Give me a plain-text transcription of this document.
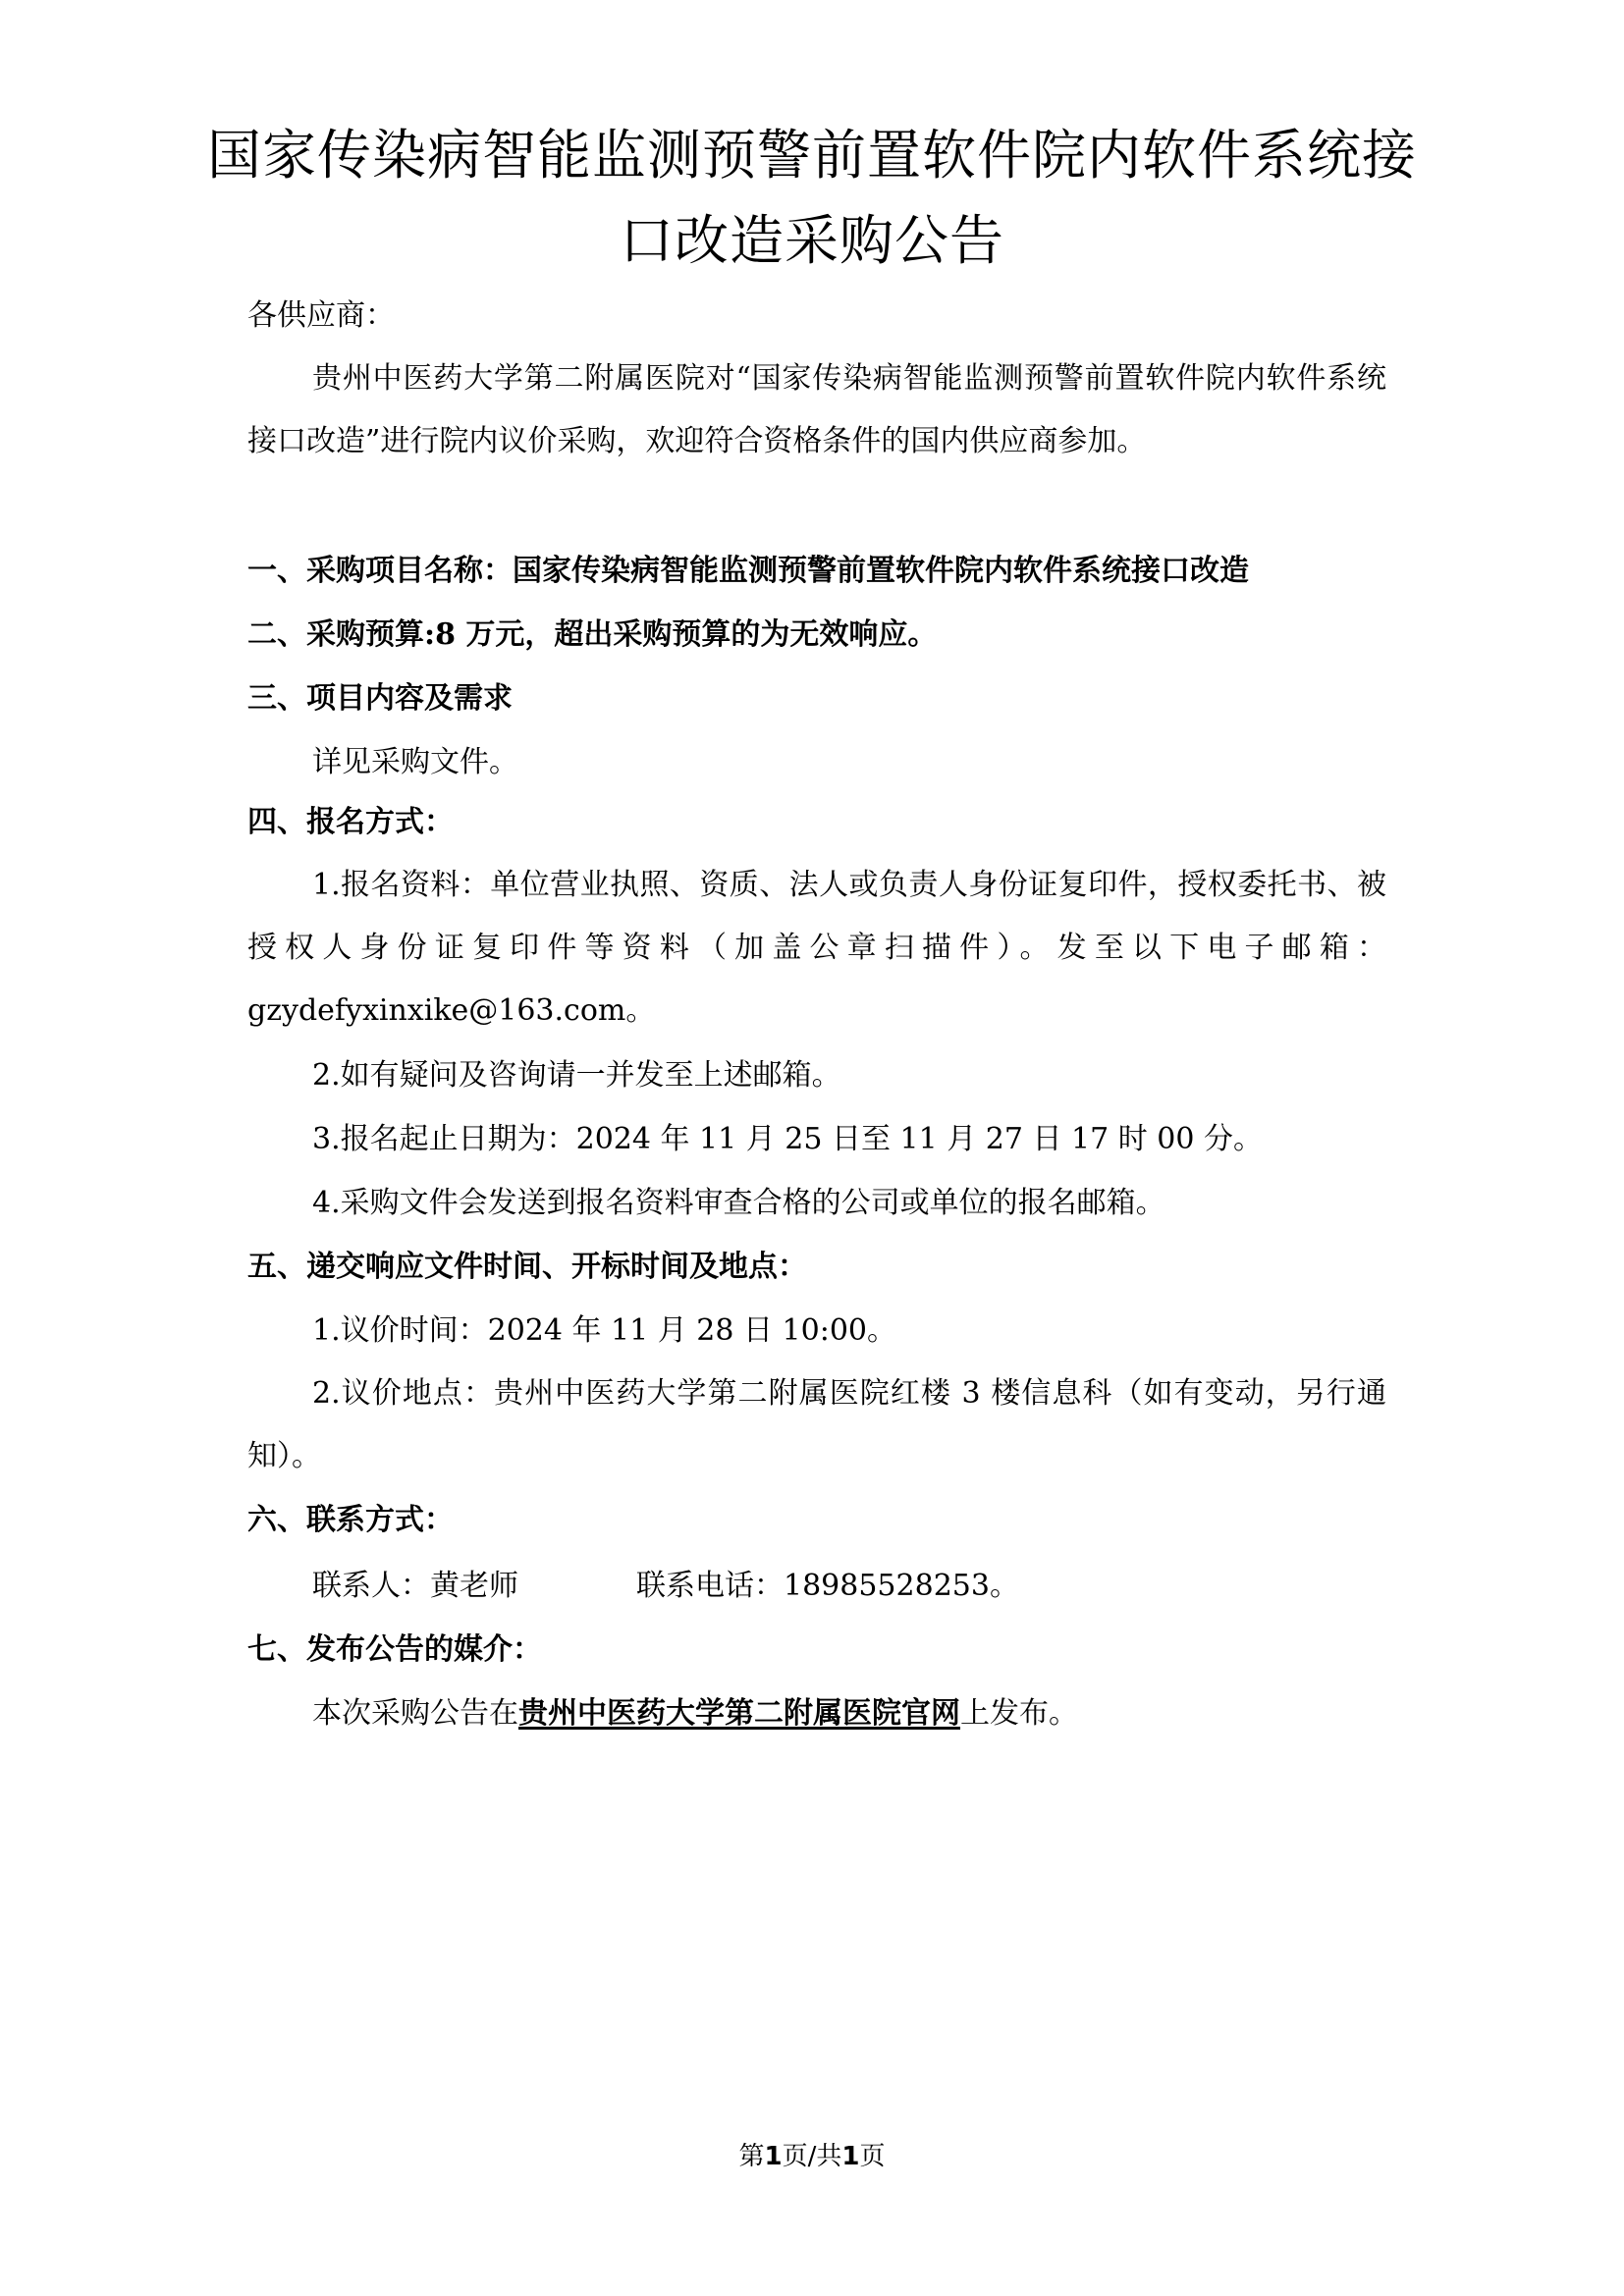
国家传染病智能监测预警前置软件院内软件系统接
口改造采购公告

各供应商：

贵州中医药大学第二附属医院对“国家传染病智能监测预警前置软件院内软件系统接口改造”进行院内议价采购，欢迎符合资格条件的国内供应商参加。

一、采购项目名称：国家传染病智能监测预警前置软件院内软件系统接口改造

二、采购预算:8 万元，超出采购预算的为无效响应。

三、项目内容及需求

详见采购文件。

四、报名方式：

1.报名资料：单位营业执照、资质、法人或负责人身份证复印件，授权委托书、被授权人身份证复印件等资料（加盖公章扫描件）。发至以下电子邮箱：gzydefyxinxike@163.com。

2.如有疑问及咨询请一并发至上述邮箱。

3.报名起止日期为：2024 年 11 月 25 日至 11 月 27 日 17 时 00 分。

4.采购文件会发送到报名资料审查合格的公司或单位的报名邮箱。

五、递交响应文件时间、开标时间及地点：

1.议价时间：2024 年 11 月 28 日 10:00。

2.议价地点：贵州中医药大学第二附属医院红楼 3 楼信息科（如有变动，另行通知）。

六、联系方式：

联系人：黄老师	联系电话：18985528253。

七、发布公告的媒介：

本次采购公告在贵州中医药大学第二附属医院官网上发布。

第1页/共1页
